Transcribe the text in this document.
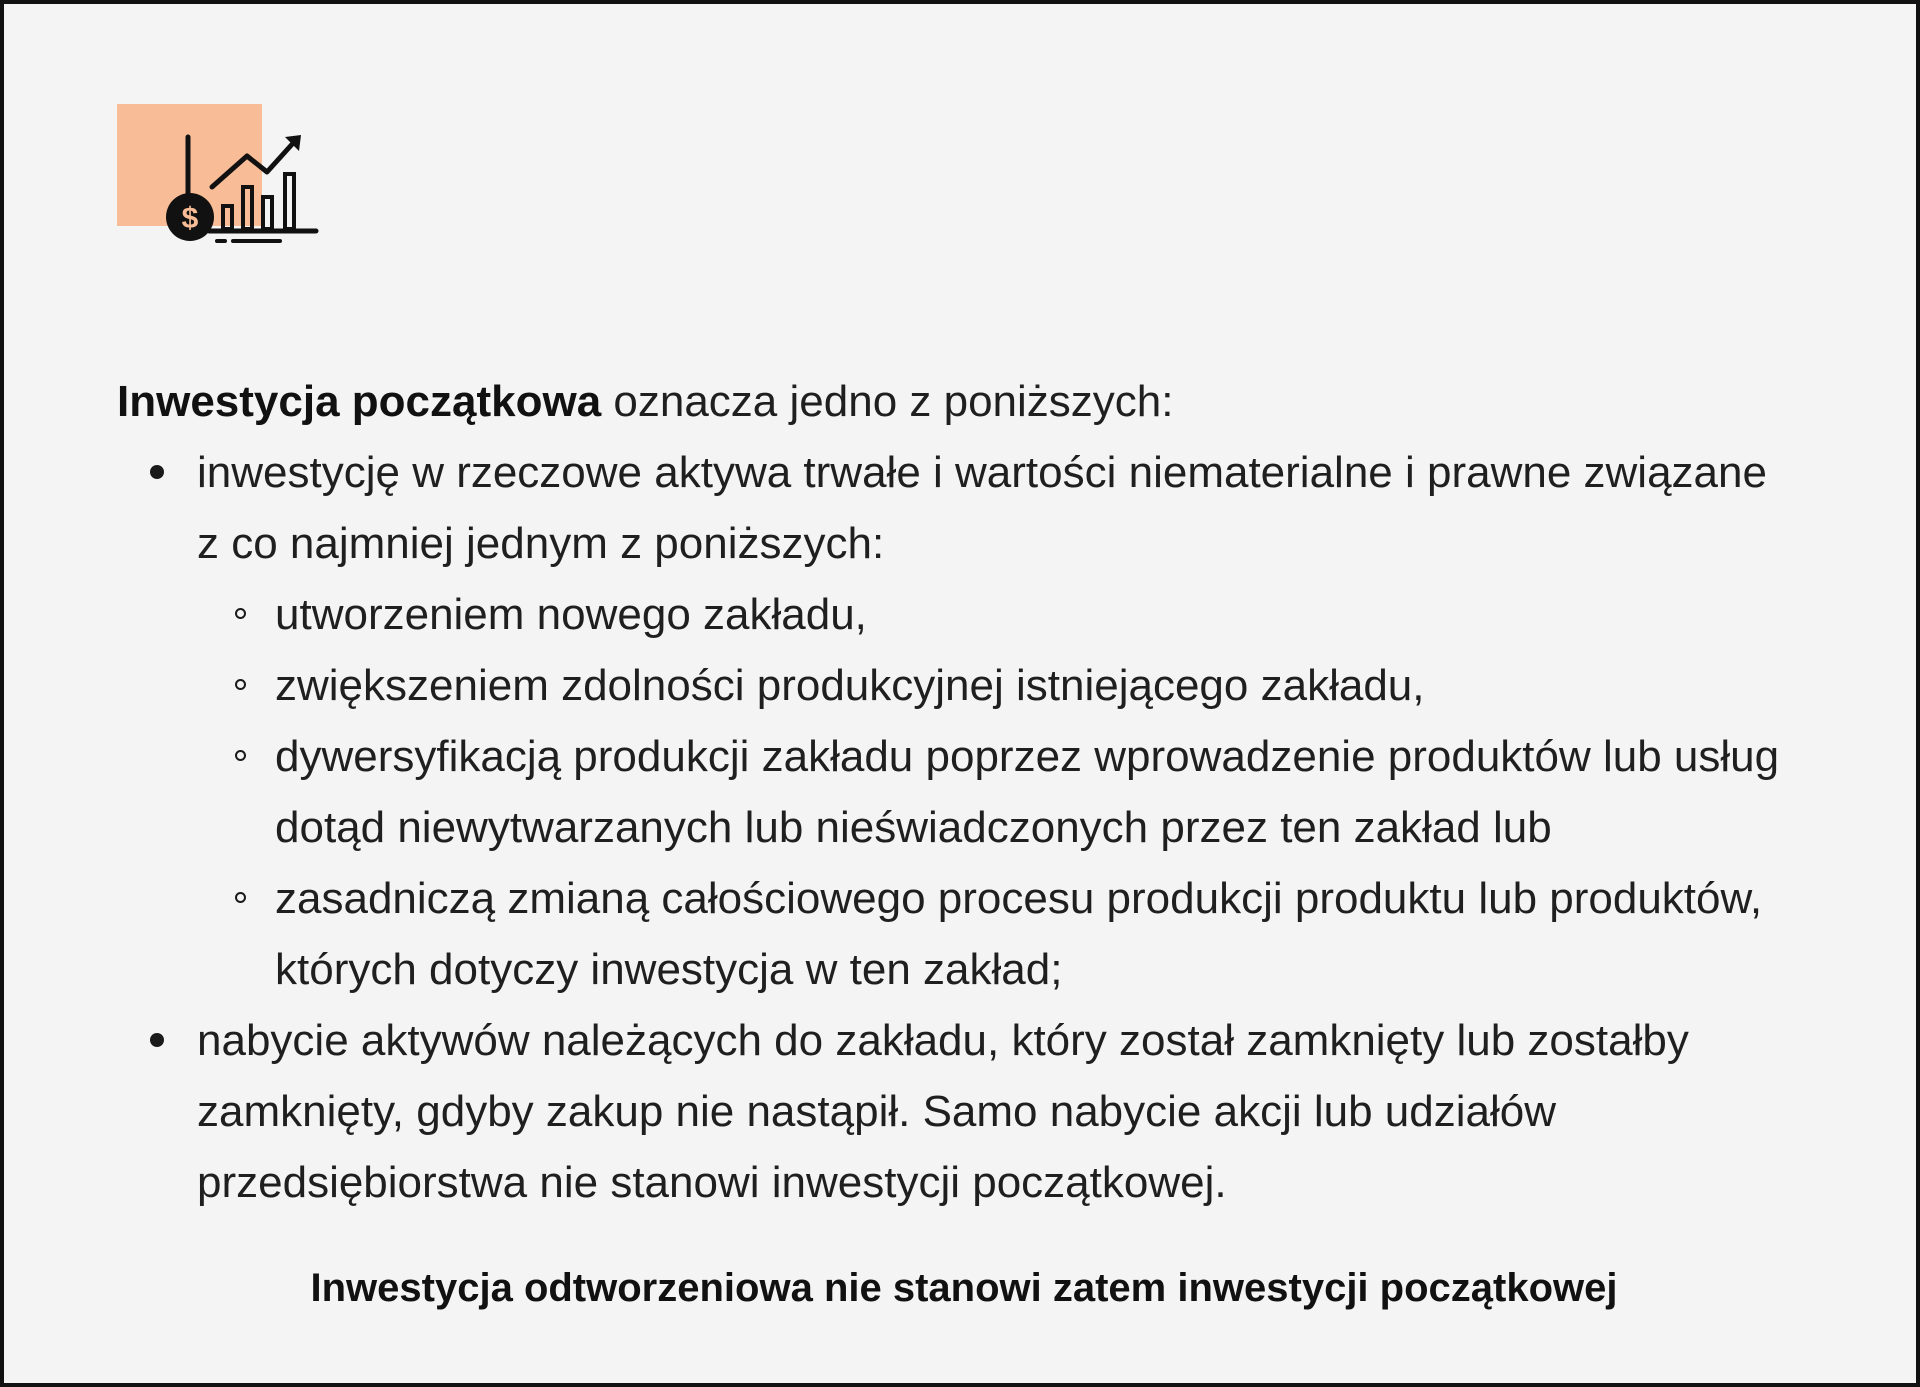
$
Inwestycja początkowa oznacza jedno z poniższych:
inwestycję w rzeczowe aktywa trwałe i wartości niematerialne i prawne związane z co najmniej jednym z poniższych:
utworzeniem nowego zakładu,
zwiększeniem zdolności produkcyjnej istniejącego zakładu,
dywersyfikacją produkcji zakładu poprzez wprowadzenie produktów lub usług dotąd niewytwarzanych lub nieświadczonych przez ten zakład lub
zasadniczą zmianą całościowego procesu produkcji produktu lub produktów, których dotyczy inwestycja w ten zakład;
nabycie aktywów należących do zakładu, który został zamknięty lub zostałby zamknięty, gdyby zakup nie nastąpił. Samo nabycie akcji lub udziałów przedsiębiorstwa nie stanowi inwestycji początkowej.
Inwestycja odtworzeniowa nie stanowi zatem inwestycji początkowej
